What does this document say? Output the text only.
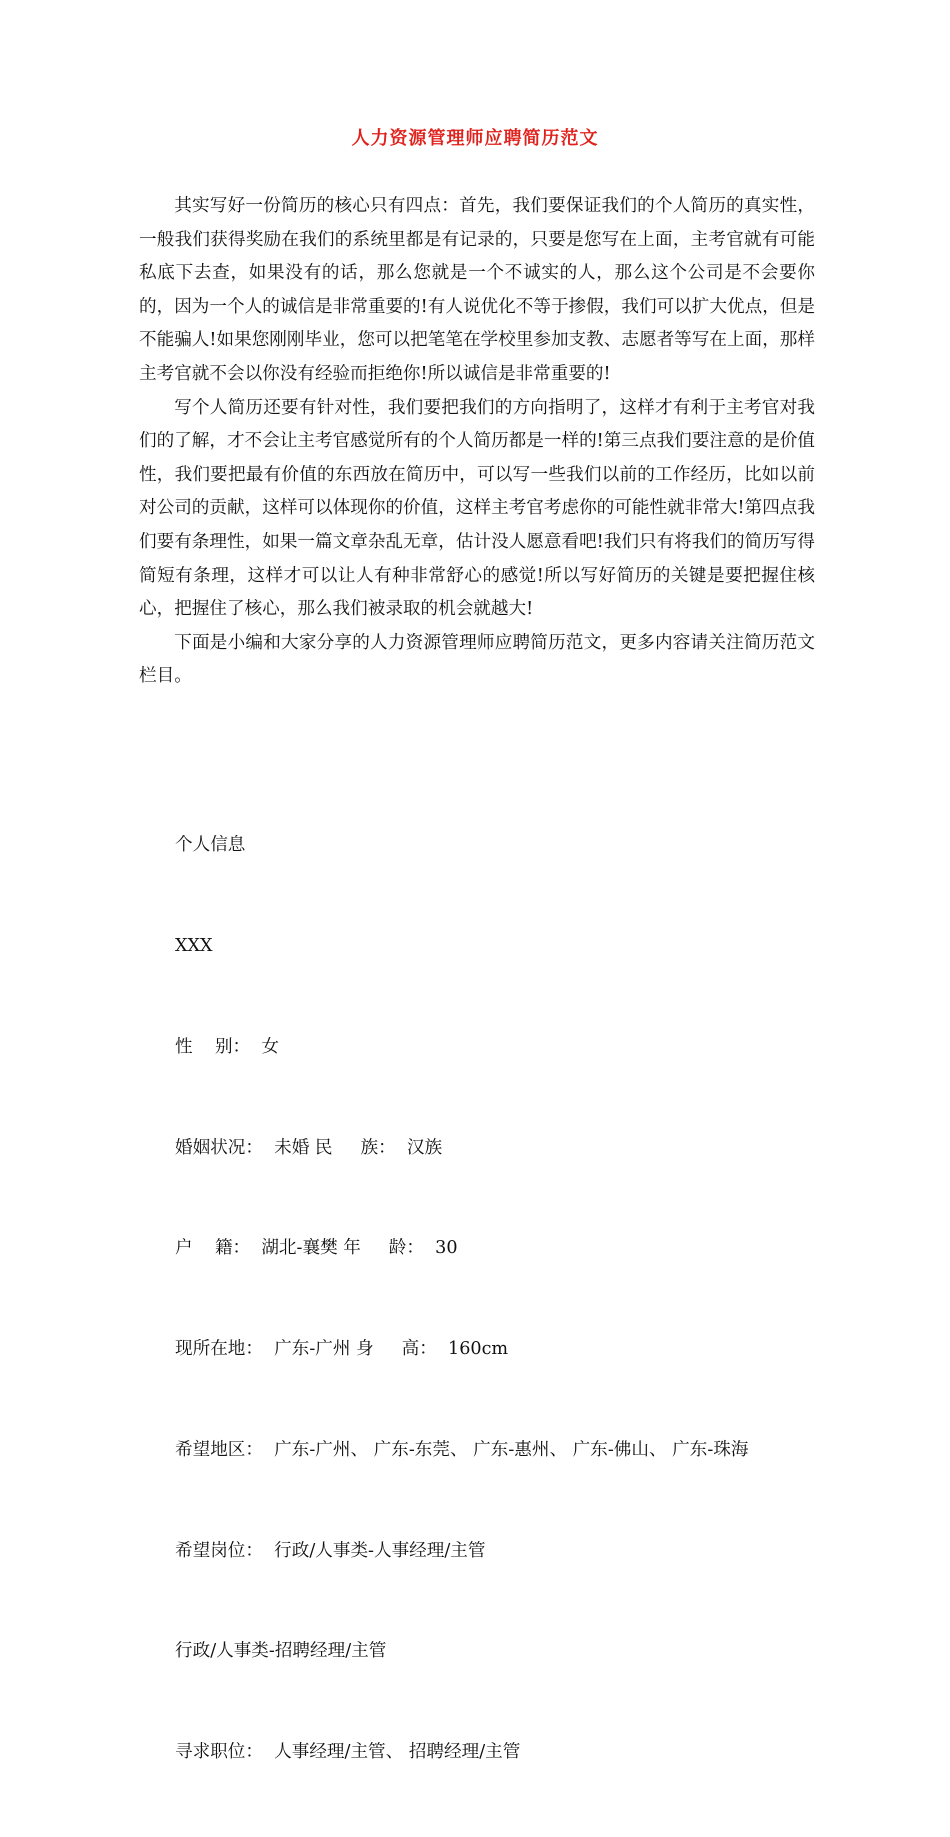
人力资源管理师应聘简历范文

其实写好一份简历的核心只有四点：首先，我们要保证我们的个人简历的真实性，一般我们获得奖励在我们的系统里都是有记录的，只要是您写在上面，主考官就有可能私底下去查，如果没有的话，那么您就是一个不诚实的人，那么这个公司是不会要你的，因为一个人的诚信是非常重要的!有人说优化不等于掺假，我们可以扩大优点，但是不能骗人!如果您刚刚毕业，您可以把笔笔在学校里参加支教、志愿者等写在上面，那样主考官就不会以你没有经验而拒绝你!所以诚信是非常重要的!

写个人简历还要有针对性，我们要把我们的方向指明了，这样才有利于主考官对我们的了解，才不会让主考官感觉所有的个人简历都是一样的!第三点我们要注意的是价值性，我们要把最有价值的东西放在简历中，可以写一些我们以前的工作经历，比如以前对公司的贡献，这样可以体现你的价值，这样主考官考虑你的可能性就非常大!第四点我们要有条理性，如果一篇文章杂乱无章，估计没人愿意看吧!我们只有将我们的简历写得简短有条理，这样才可以让人有种非常舒心的感觉!所以写好简历的关键是要把握住核心，把握住了核心，那么我们被录取的机会就越大!

下面是小编和大家分享的人力资源管理师应聘简历范文，更多内容请关注简历范文栏目。

个人信息

XXX

性    别：  女

婚姻状况：  未婚 民     族：  汉族

户    籍：  湖北-襄樊 年     龄：  30

现所在地：  广东-广州 身     高：  160cm

希望地区：  广东-广州、 广东-东莞、 广东-惠州、 广东-佛山、 广东-珠海

希望岗位：  行政/人事类-人事经理/主管

行政/人事类-招聘经理/主管

寻求职位：  人事经理/主管、 招聘经理/主管
